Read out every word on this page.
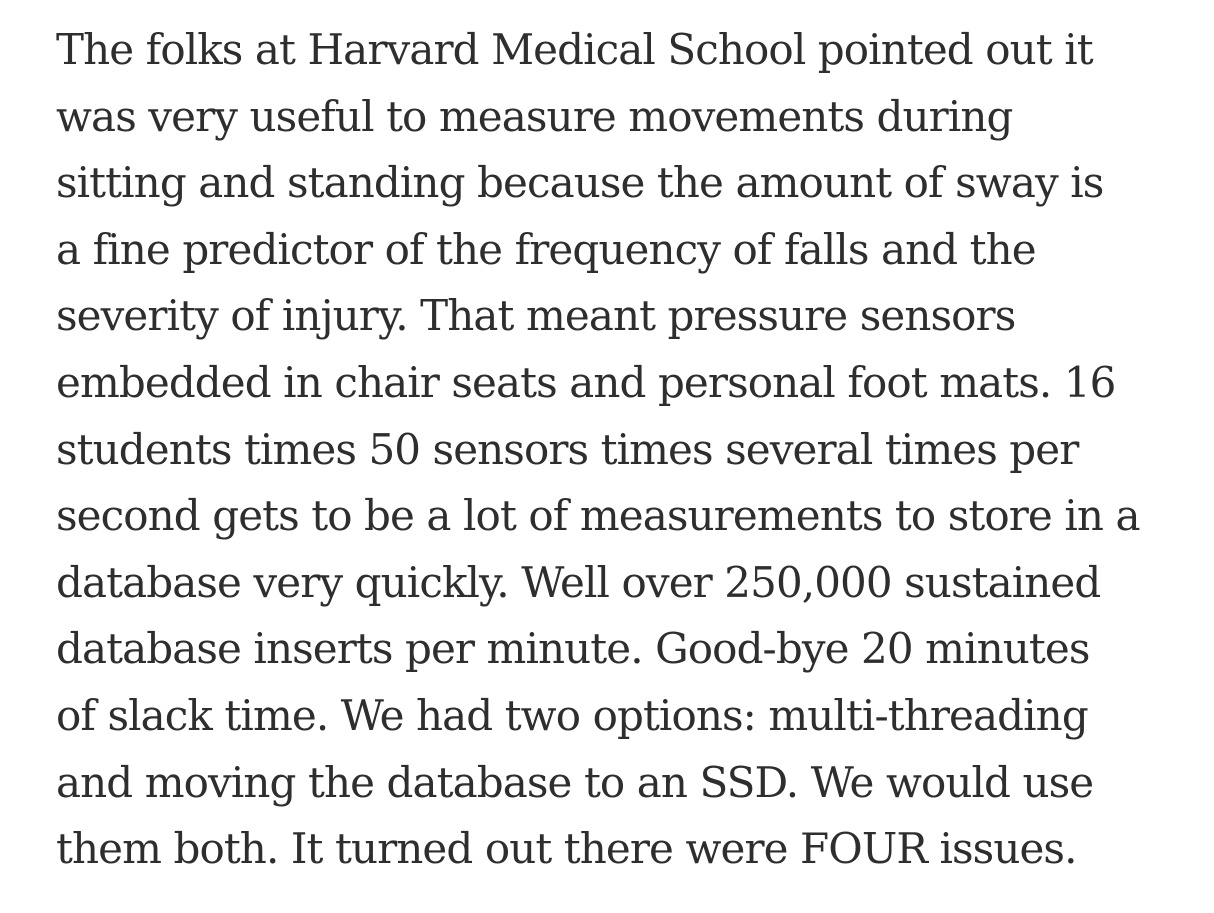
The folks at Harvard Medical School pointed out it
was very useful to measure movements during
sitting and standing because the amount of sway is
a fine predictor of the frequency of falls and the
severity of injury. That meant pressure sensors
embedded in chair seats and personal foot mats. 16
students times 50 sensors times several times per
second gets to be a lot of measurements to store in a
database very quickly. Well over 250,000 sustained
database inserts per minute. Good-bye 20 minutes
of slack time. We had two options: multi-threading
and moving the database to an SSD. We would use
them both. It turned out there were FOUR issues.
